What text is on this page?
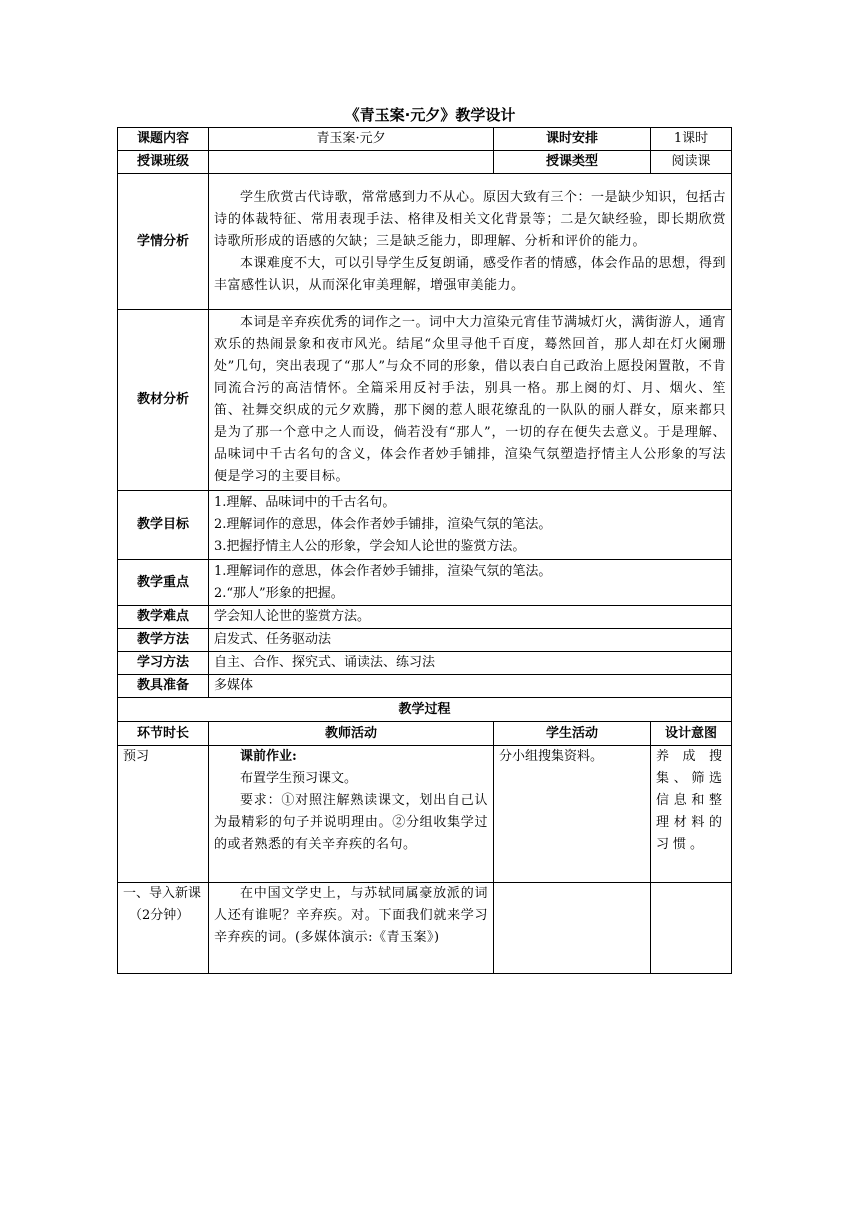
《青玉案·元夕》教学设计
课题内容	青玉案·元夕	课时安排	1课时
授课班级		授课类型	阅读课
学情分析	学生欣赏古代诗歌，常常感到力不从心。原因大致有三个：一是缺少知识，包括古诗的体裁特征、常用表现手法、格律及相关文化背景等；二是欠缺经验，即长期欣赏诗歌所形成的语感的欠缺；三是缺乏能力，即理解、分析和评价的能力。

本课难度不大，可以引导学生反复朗诵，感受作者的情感，体会作品的思想，得到丰富感性认识，从而深化审美理解，增强审美能力。		

教材分析	本词是辛弃疾优秀的词作之一。词中大力渲染元宵佳节满城灯火，满街游人，通宵欢乐的热闹景象和夜市风光。结尾“众里寻他千百度，蓦然回首，那人却在灯火阑珊处”几句，突出表现了“那人”与众不同的形象，借以表白自己政治上愿投闲置散，不肯同流合污的高洁情怀。全篇采用反衬手法，别具一格。那上阕的灯、月、烟火、笙笛、社舞交织成的元夕欢腾，那下阕的惹人眼花缭乱的一队队的丽人群女，原来都只是为了那一个意中之人而设，倘若没有“那人”，一切的存在便失去意义。于是理解、品味词中千古名句的含义，体会作者妙手铺排，渲染气氛塑造抒情主人公形象的写法便是学习的主要目标。		

教学目标	1.理解、品味词中的千古名句。

2.理解词作的意思，体会作者妙手铺排，渲染气氛的笔法。

3.把握抒情主人公的形象，学会知人论世的鉴赏方法。		

教学重点	1.理解词作的意思，体会作者妙手铺排，渲染气氛的笔法。

2.“那人”形象的把握。		

教学难点	学会知人论世的鉴赏方法。		
教学方法	启发式、任务驱动法		
学习方法	自主、合作、探究式、诵读法、练习法		
教具准备	多媒体		
教学过程			
环节时长	教师活动	学生活动	设计意图
预习	课前作业:

布置学生预习课文。

要求：①对照注解熟读课文，划出自己认为最精彩的句子并说明理由。②分组收集学过的或者熟悉的有关辛弃疾的名句。	分小组搜集资料。	养成搜集、筛选信息和整理材料的习惯。

一、导入新课
（2分钟）	在中国文学史上，与苏轼同属豪放派的词人还有谁呢？辛弃疾。对。下面我们就来学习辛弃疾的词。(多媒体演示:《青玉案》)		
